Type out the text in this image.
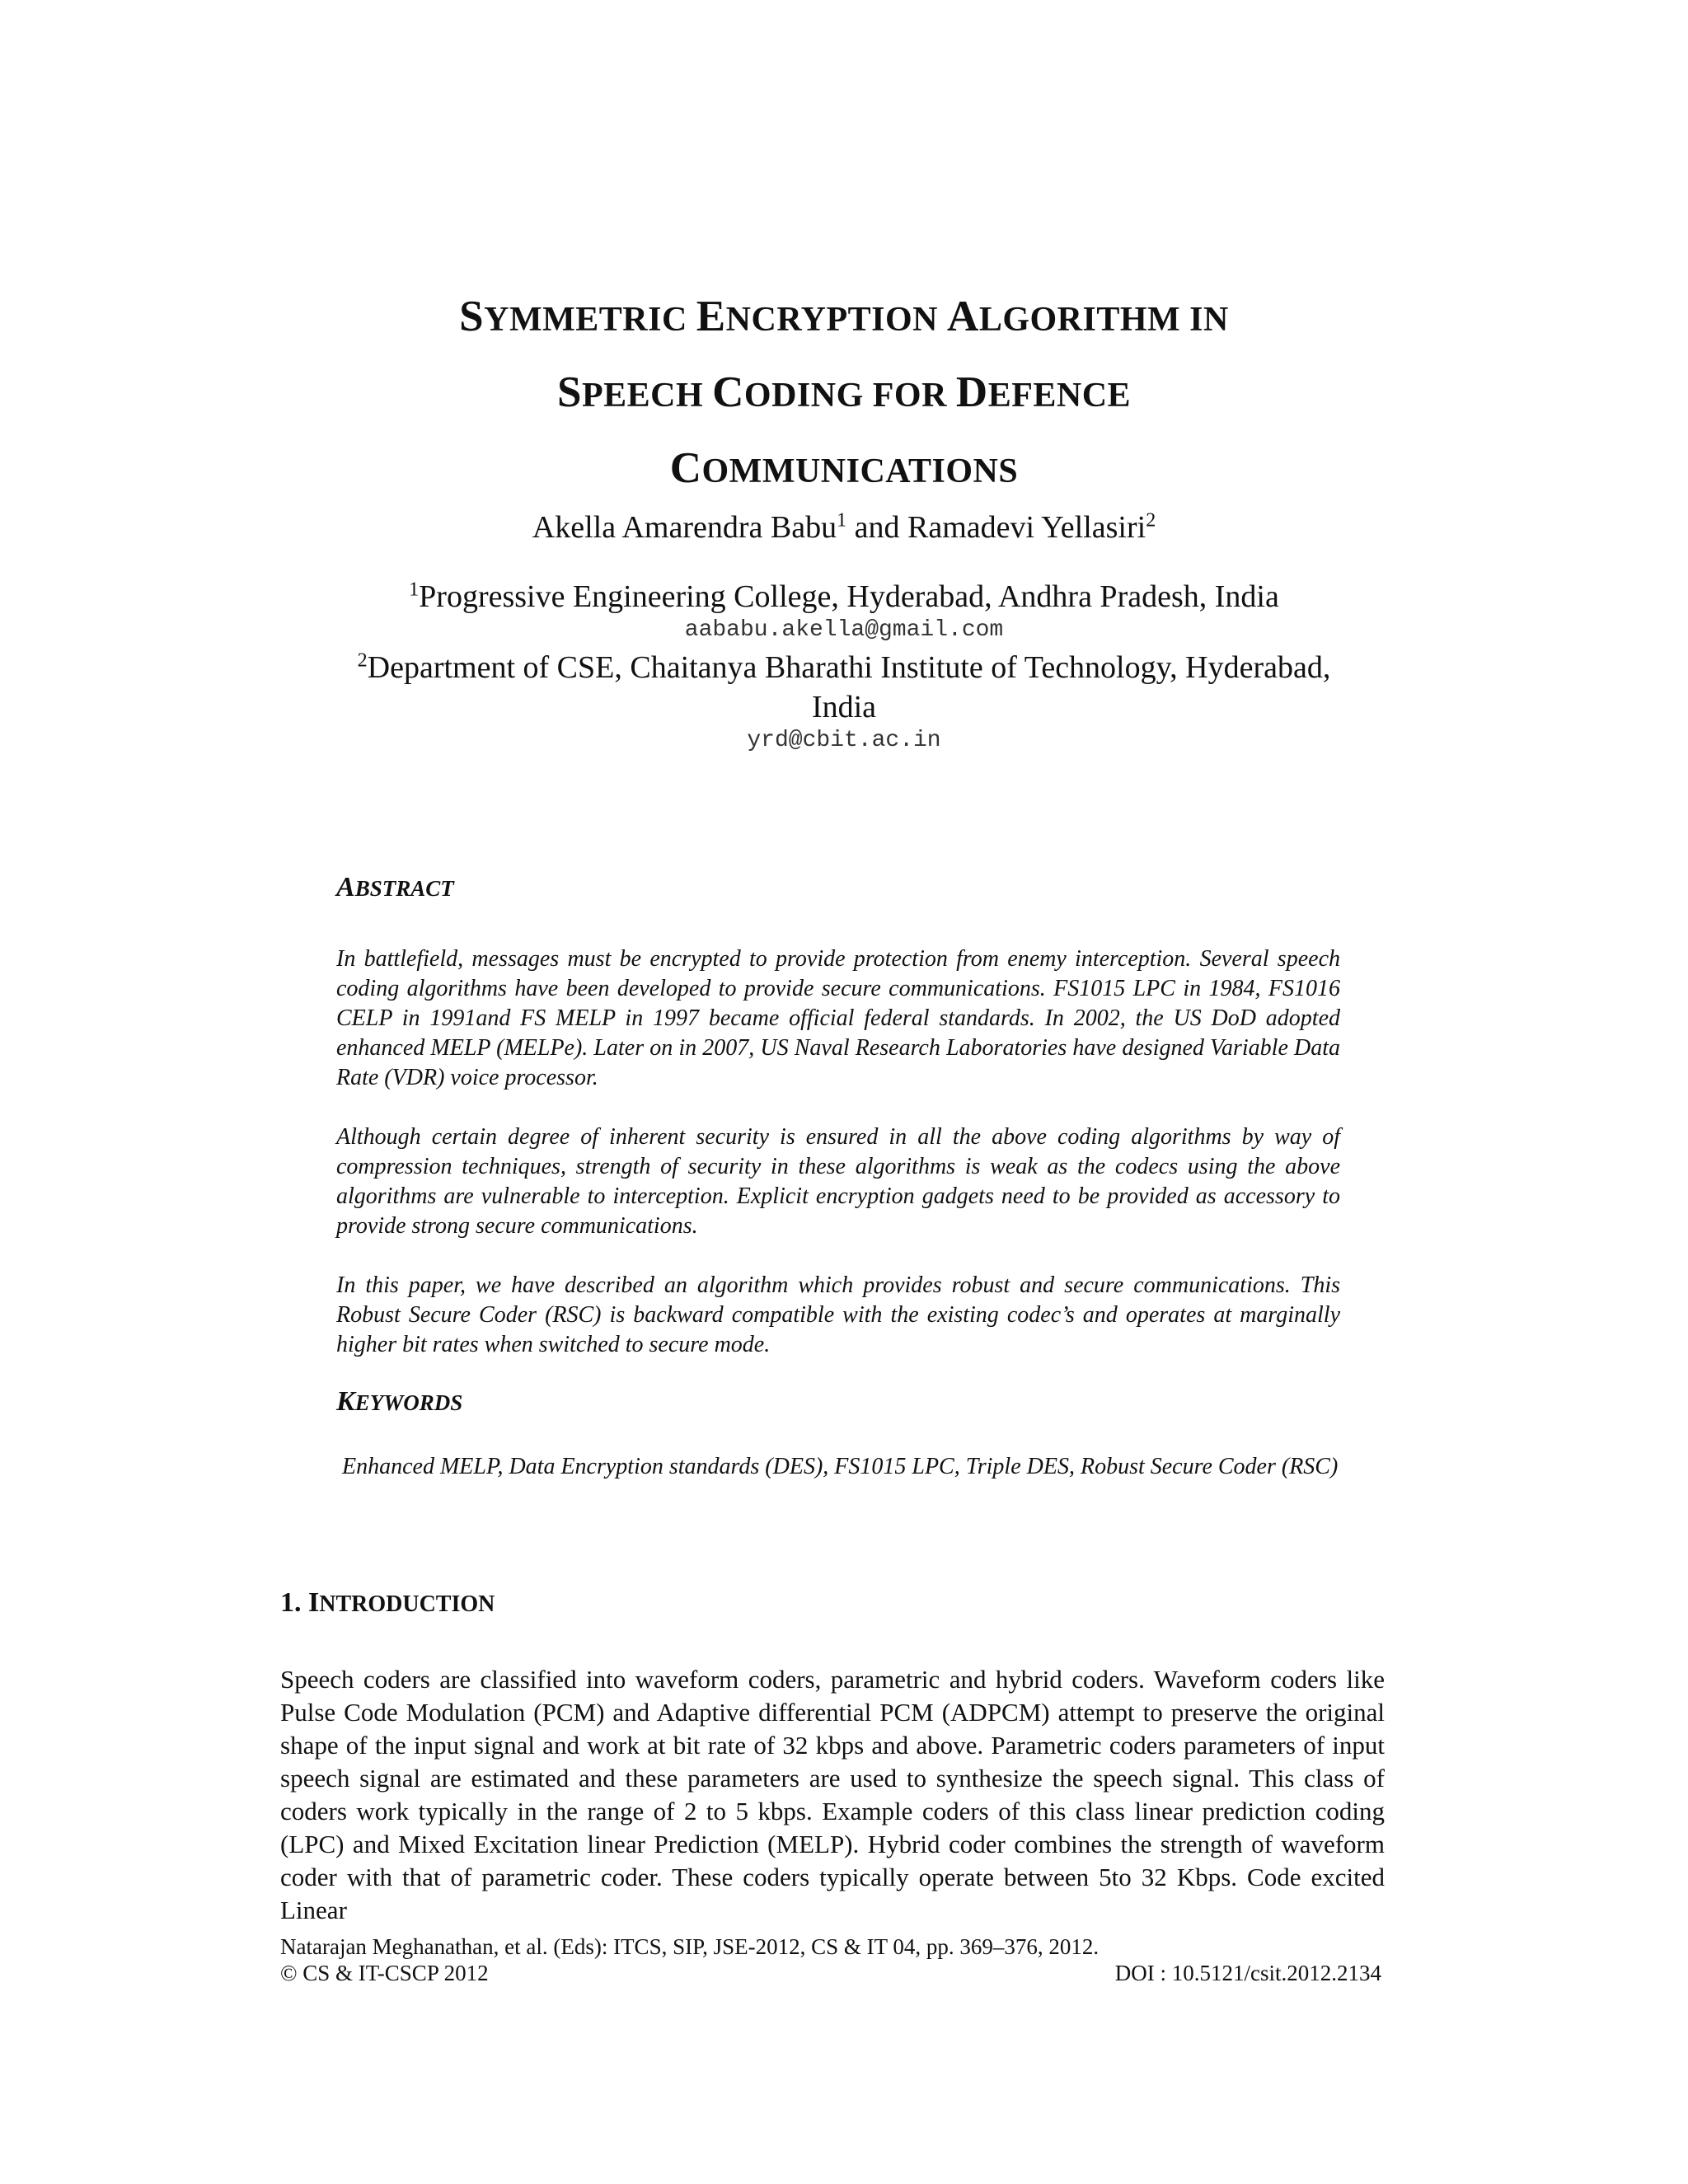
SYMMETRIC ENCRYPTION ALGORITHM IN
SPEECH CODING FOR DEFENCE
COMMUNICATIONS
Akella Amarendra Babu$^1$ and Ramadevi Yellasiri$^2$
$^1$Progressive Engineering College, Hyderabad, Andhra Pradesh, India
aababu.akella@gmail.com
$^2$Department of CSE, Chaitanya Bharathi Institute of Technology, Hyderabad,
India
yrd@cbit.ac.in
ABSTRACT

In battlefield, messages must be encrypted to provide protection from enemy interception. Several speech coding algorithms have been developed to provide secure communications. FS1015 LPC in 1984, FS1016 CELP in 1991and FS MELP in 1997 became official federal standards. In 2002, the US DoD adopted enhanced MELP (MELPe). Later on in 2007, US Naval Research Laboratories have designed Variable Data Rate (VDR) voice processor.

Although certain degree of inherent security is ensured in all the above coding algorithms by way of compression techniques, strength of security in these algorithms is weak as the codecs using the above algorithms are vulnerable to interception. Explicit encryption gadgets need to be provided as accessory to provide strong secure communications.

In this paper, we have described an algorithm which provides robust and secure communications. This Robust Secure Coder (RSC) is backward compatible with the existing codec’s and operates at marginally higher bit rates when switched to secure mode.

KEYWORDS

Enhanced MELP, Data Encryption standards (DES), FS1015 LPC, Triple DES, Robust Secure Coder (RSC)

1. INTRODUCTION

Speech coders are classified into waveform coders, parametric and hybrid coders. Waveform coders like Pulse Code Modulation (PCM) and Adaptive differential PCM (ADPCM) attempt to preserve the original shape of the input signal and work at bit rate of 32 kbps and above. Parametric coders parameters of input speech signal are estimated and these parameters are used to synthesize the speech signal. This class of coders work typically in the range of 2 to 5 kbps. Example coders of this class linear prediction coding (LPC) and Mixed Excitation linear Prediction (MELP). Hybrid coder combines the strength of waveform coder with that of parametric coder. These coders typically operate between 5to 32 Kbps. Code excited Linear

Natarajan Meghanathan, et al. (Eds): ITCS, SIP, JSE-2012, CS & IT 04, pp. 369–376, 2012.
© CS & IT-CSCP 2012	DOI : 10.5121/csit.2012.2134
